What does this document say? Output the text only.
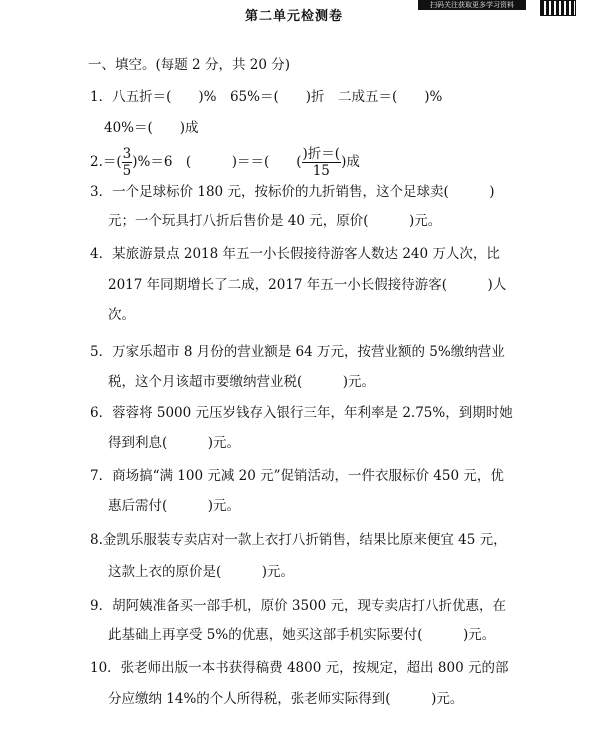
第二单元检测卷
扫码关注获取更多学习资料
一、填空。(每题 2 分，共 20 分)
1．八五折＝(　　)%　65%＝(　　)折　二成五＝(　　)%
40%＝(　　)成
$2.=( \frac{3}{5} )\%=6$　(　　　)＝＝(　　( $\frac{\text{)折＝(}}{15}$ )成
3．一个足球标价 180 元，按标价的九折销售，这个足球卖(　　　)
元；一个玩具打八折后售价是 40 元，原价(　　　)元。
4．某旅游景点 2018 年五一小长假接待游客人数达 240 万人次，比
2017 年同期增长了二成，2017 年五一小长假接待游客(　　　)人
次。
5．万家乐超市 8 月份的营业额是 64 万元，按营业额的 5%缴纳营业
税，这个月该超市要缴纳营业税(　　　)元。
6．蓉蓉将 5000 元压岁钱存入银行三年，年利率是 2.75%，到期时她
得到利息(　　　)元。
7．商场搞“满 100 元减 20 元”促销活动，一件衣服标价 450 元，优
惠后需付(　　　)元。
8.金凯乐服装专卖店对一款上衣打八折销售，结果比原来便宜 45 元，
这款上衣的原价是(　　　)元。
9．胡阿姨准备买一部手机，原价 3500 元，现专卖店打八折优惠，在
此基础上再享受 5%的优惠，她买这部手机实际要付(　　　)元。
10．张老师出版一本书获得稿费 4800 元，按规定，超出 800 元的部
分应缴纳 14%的个人所得税，张老师实际得到(　　　)元。
